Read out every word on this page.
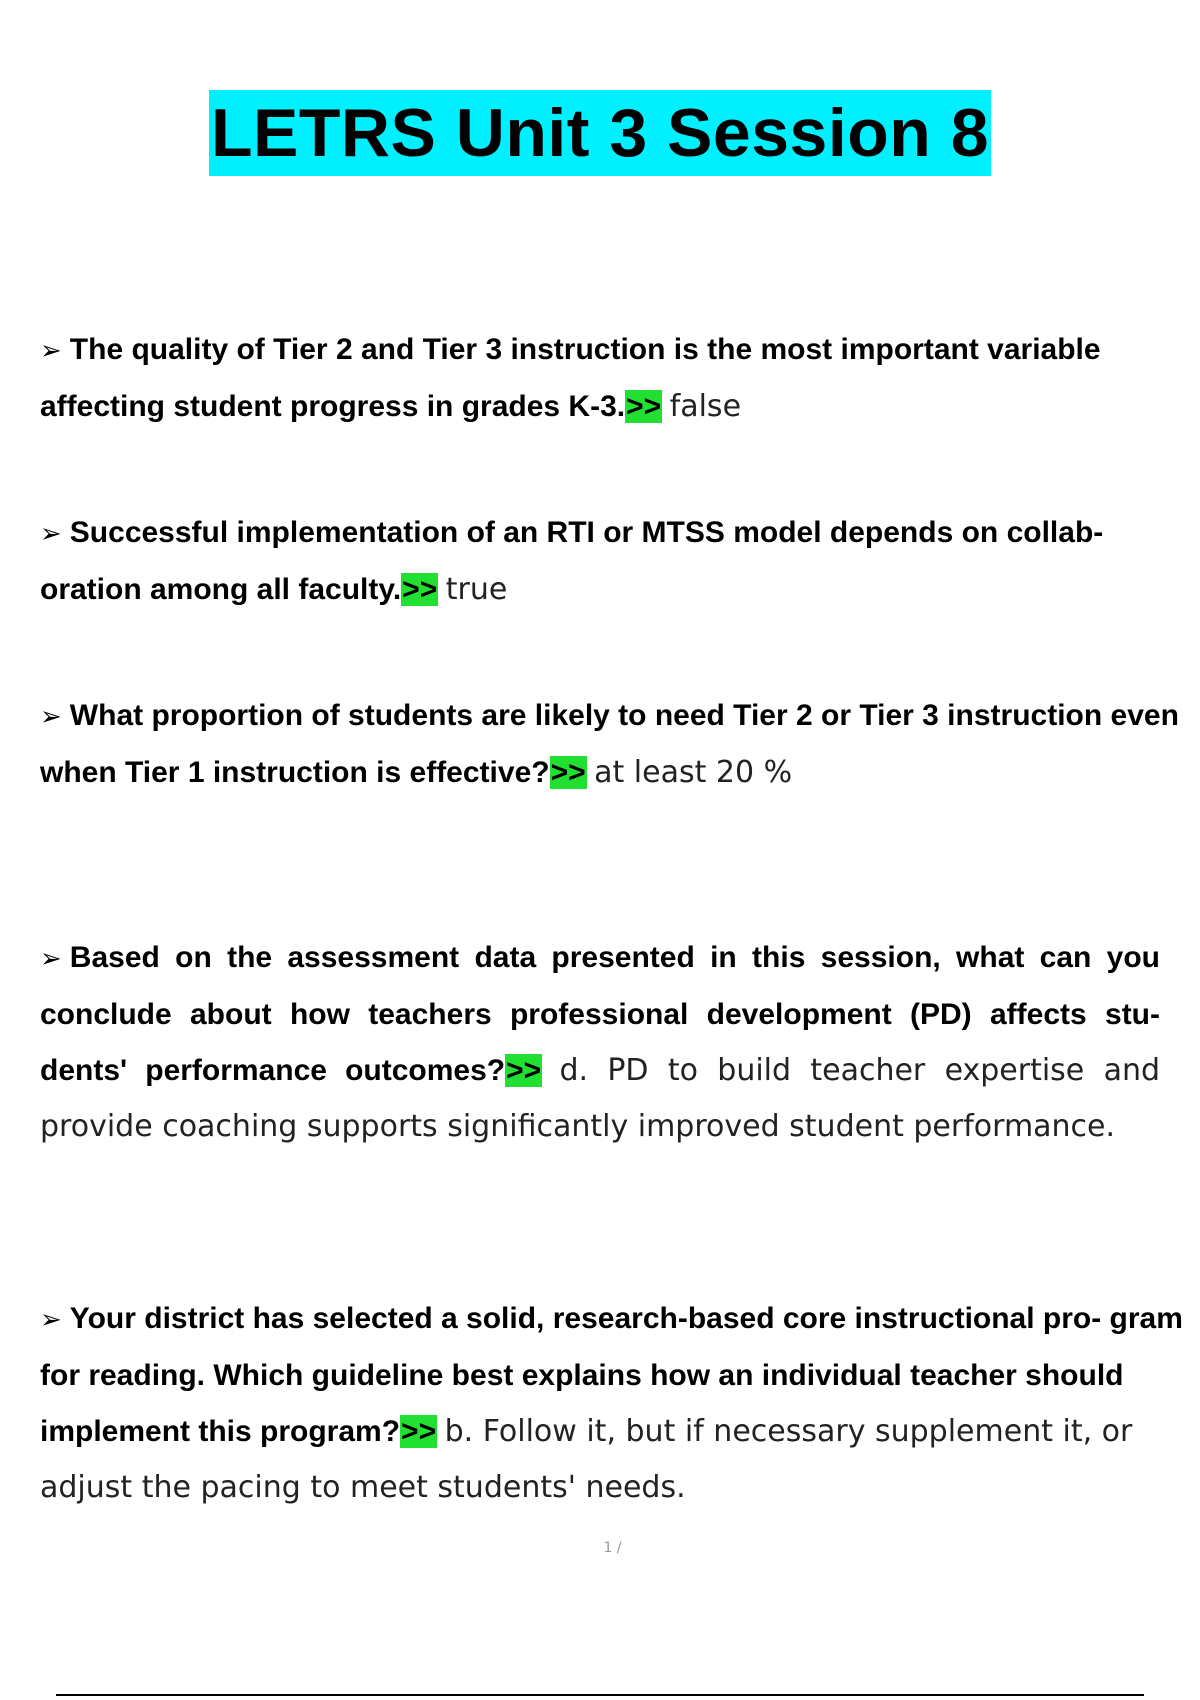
LETRS Unit 3 Session 8
➢ The quality of Tier 2 and Tier 3 instruction is the most important variable affecting student progress in grades K-3.>> false
➢ Successful implementation of an RTI or MTSS model depends on collab- oration among all faculty.>> true
➢ What proportion of students are likely to need Tier 2 or Tier 3 instruction even when Tier 1 instruction is effective?>> at least 20 %
➢ Based on the assessment data presented in this session, what can you conclude about how teachers professional development (PD) affects stu- dents' performance outcomes?>> d. PD to build teacher expertise and provide coaching supports significantly improved student performance.
➢ Your district has selected a solid, research-based core instructional pro- gram for reading. Which guideline best explains how an individual teacher should implement this program?>> b. Follow it, but if necessary supplement it, or adjust the pacing to meet students' needs.
1 /
